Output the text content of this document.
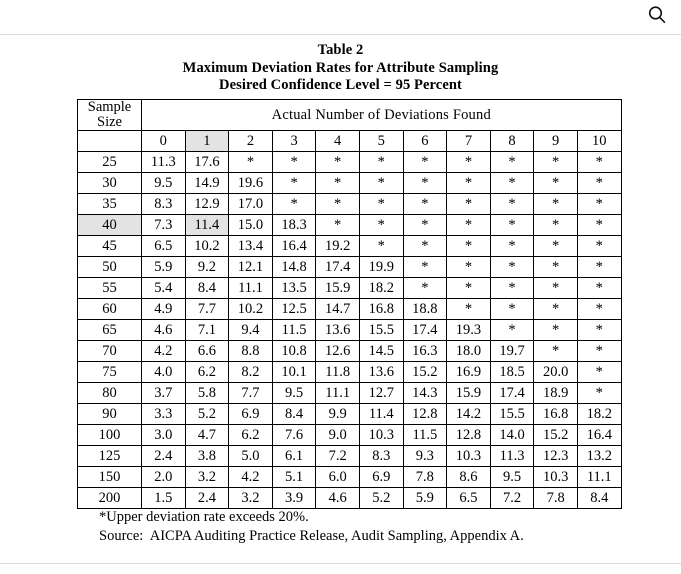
Table 2
Maximum Deviation Rates for Attribute Sampling
Desired Confidence Level = 95 Percent
Sample
Size	Actual Number of Deviations Found										
	0	1	2	3	4	5	6	7	8	9	10
25	11.3	17.6	*	*	*	*	*	*	*	*	*
30	9.5	14.9	19.6	*	*	*	*	*	*	*	*
35	8.3	12.9	17.0	*	*	*	*	*	*	*	*
40	7.3	11.4	15.0	18.3	*	*	*	*	*	*	*
45	6.5	10.2	13.4	16.4	19.2	*	*	*	*	*	*
50	5.9	9.2	12.1	14.8	17.4	19.9	*	*	*	*	*
55	5.4	8.4	11.1	13.5	15.9	18.2	*	*	*	*	*
60	4.9	7.7	10.2	12.5	14.7	16.8	18.8	*	*	*	*
65	4.6	7.1	9.4	11.5	13.6	15.5	17.4	19.3	*	*	*
70	4.2	6.6	8.8	10.8	12.6	14.5	16.3	18.0	19.7	*	*
75	4.0	6.2	8.2	10.1	11.8	13.6	15.2	16.9	18.5	20.0	*
80	3.7	5.8	7.7	9.5	11.1	12.7	14.3	15.9	17.4	18.9	*
90	3.3	5.2	6.9	8.4	9.9	11.4	12.8	14.2	15.5	16.8	18.2
100	3.0	4.7	6.2	7.6	9.0	10.3	11.5	12.8	14.0	15.2	16.4
125	2.4	3.8	5.0	6.1	7.2	8.3	9.3	10.3	11.3	12.3	13.2
150	2.0	3.2	4.2	5.1	6.0	6.9	7.8	8.6	9.5	10.3	11.1
200	1.5	2.4	3.2	3.9	4.6	5.2	5.9	6.5	7.2	7.8	8.4
*Upper deviation rate exceeds 20%.
Source:  AICPA Auditing Practice Release, Audit Sampling, Appendix A.
